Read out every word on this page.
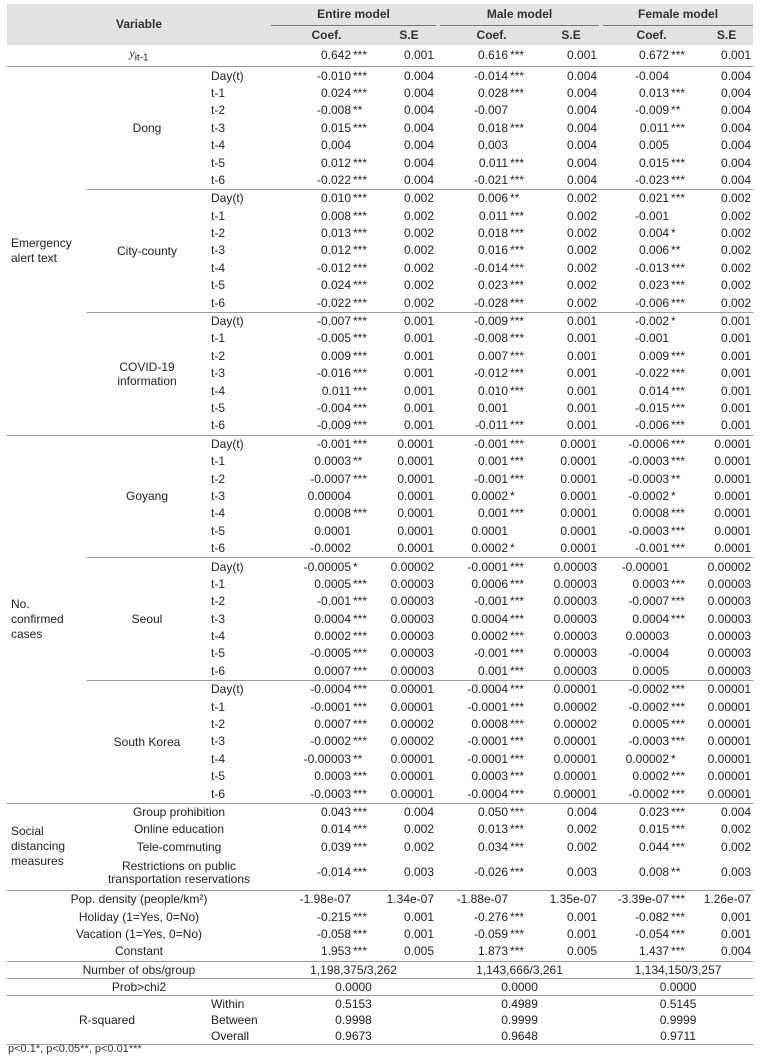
Variable			Entire model				Male model				Female model		
			Coef.		S.E		Coef.		S.E		Coef.		S.E
$y_{it-1}$			0.642	***	0.001		0.616	***	0.001		0.672	***	0.001
Emergency alert text	Dong	Day(t)	-0.010	***	0.004		-0.014	***	0.004		-0.004		0.004
		t-1	0.024	***	0.004		0.028	***	0.004		0.013	***	0.004
		t-2	-0.008	**	0.004		-0.007		0.004		-0.009	**	0.004
		t-3	0.015	***	0.004		0.018	***	0.004		0.011	***	0.004
		t-4	0.004		0.004		0.003		0.004		0.005		0.004
		t-5	0.012	***	0.004		0.011	***	0.004		0.015	***	0.004
		t-6	-0.022	***	0.004		-0.021	***	0.004		-0.023	***	0.004
	City-county	Day(t)	0.010	***	0.002		0.006	**	0.002		0.021	***	0.002
		t-1	0.008	***	0.002		0.011	***	0.002		-0.001		0.002
		t-2	0.013	***	0.002		0.018	***	0.002		0.004	*	0.002
		t-3	0.012	***	0.002		0.016	***	0.002		0.006	**	0.002
		t-4	-0.012	***	0.002		-0.014	***	0.002		-0.013	***	0.002
		t-5	0.024	***	0.002		0.023	***	0.002		0.023	***	0.002
		t-6	-0.022	***	0.002		-0.028	***	0.002		-0.006	***	0.002
	COVID-19 information	Day(t)	-0.007	***	0.001		-0.009	***	0.001		-0.002	*	0.001
		t-1	-0.005	***	0.001		-0.008	***	0.001		-0.001		0.001
		t-2	0.009	***	0.001		0.007	***	0.001		0.009	***	0.001
		t-3	-0.016	***	0.001		-0.012	***	0.001		-0.022	***	0.001
		t-4	0.011	***	0.001		0.010	***	0.001		0.014	***	0.001
		t-5	-0.004	***	0.001		0.001		0.001		-0.015	***	0.001
		t-6	-0.009	***	0.001		-0.011	***	0.001		-0.006	***	0.001
No. confirmed cases	Goyang	Day(t)	-0.001	***	0.0001		-0.001	***	0.0001		-0.0006	***	0.0001
		t-1	0.0003	**	0.0001		0.001	***	0.0001		-0.0003	***	0.0001
		t-2	-0.0007	***	0.0001		-0.001	***	0.0001		-0.0003	**	0.0001
		t-3	0.00004		0.0001		0.0002	*	0.0001		-0.0002	*	0.0001
		t-4	0.0008	***	0.0001		0.001	***	0.0001		0.0008	***	0.0001
		t-5	0.0001		0.0001		0.0001		0.0001		-0.0003	***	0.0001
		t-6	-0.0002		0.0001		0.0002	*	0.0001		-0.001	***	0.0001
	Seoul	Day(t)	-0.00005	*	0.00002		-0.0001	***	0.00003		-0.00001		0.00002
		t-1	0.0005	***	0.00003		0.0006	***	0.00003		0.0003	***	0.00003
		t-2	-0.001	***	0.00003		-0.001	***	0.00003		-0.0007	***	0.00003
		t-3	0.0004	***	0.00003		0.0004	***	0.00003		0.0004	***	0.00003
		t-4	0.0002	***	0.00003		0.0002	***	0.00003		0.00003		0.00003
		t-5	-0.0005	***	0.00003		-0.001	***	0.00003		-0.0004		0.00003
		t-6	0.0007	***	0.00003		0.001	***	0.00003		0.0005		0.00003
	South Korea	Day(t)	-0.0004	***	0.00001		-0.0004	***	0.00001		-0.0002	***	0.00001
		t-1	-0.0001	***	0.00001		-0.0001	***	0.00002		-0.0002	***	0.00001
		t-2	0.0007	***	0.00002		0.0008	***	0.00002		0.0005	***	0.00001
		t-3	-0.0002	***	0.00002		-0.0001	***	0.00001		-0.0003	***	0.00001
		t-4	-0.00003	**	0.00001		-0.0001	***	0.00001		0.00002	*	0.00001
		t-5	0.0003	***	0.00001		0.0003	***	0.00001		0.0002	***	0.00001
		t-6	-0.0003	***	0.00001		-0.0004	***	0.00001		-0.0002	***	0.00001
Social distancing measures	Group prohibition		0.043	***	0.004		0.050	***	0.004		0.023	***	0.004
	Online education		0.014	***	0.002		0.013	***	0.002		0.015	***	0.002
	Tele-commuting		0.039	***	0.002		0.034	***	0.002		0.044	***	0.002
	Restrictions on public transportation reservations		-0.014	***	0.003		-0.026	***	0.003		0.008	**	0.003
Pop. density (people/km²)			-1.98e-07		1.34e-07		-1.88e-07		1.35e-07		-3.39e-07	***	1.26e-07
Holiday (1=Yes, 0=No)			-0.215	***	0.001		-0.276	***	0.001		-0.082	***	0.001
Vacation (1=Yes, 0=No)			-0.058	***	0.001		-0.059	***	0.001		-0.054	***	0.001
Constant			1.953	***	0.005		1.873	***	0.005		1.437	***	0.004
Number of obs/group			1,198,375/3,262				1,143,666/3,261				1,134,150/3,257		
Prob>chi2			0.0000				0.0000				0.0000		
R-squared		Within	0.5153				0.4989				0.5145		
		Between	0.9998				0.9999				0.9999		
		Overall	0.9673				0.9648				0.9711		
p<0.1*, p<0.05**, p<0.01***
